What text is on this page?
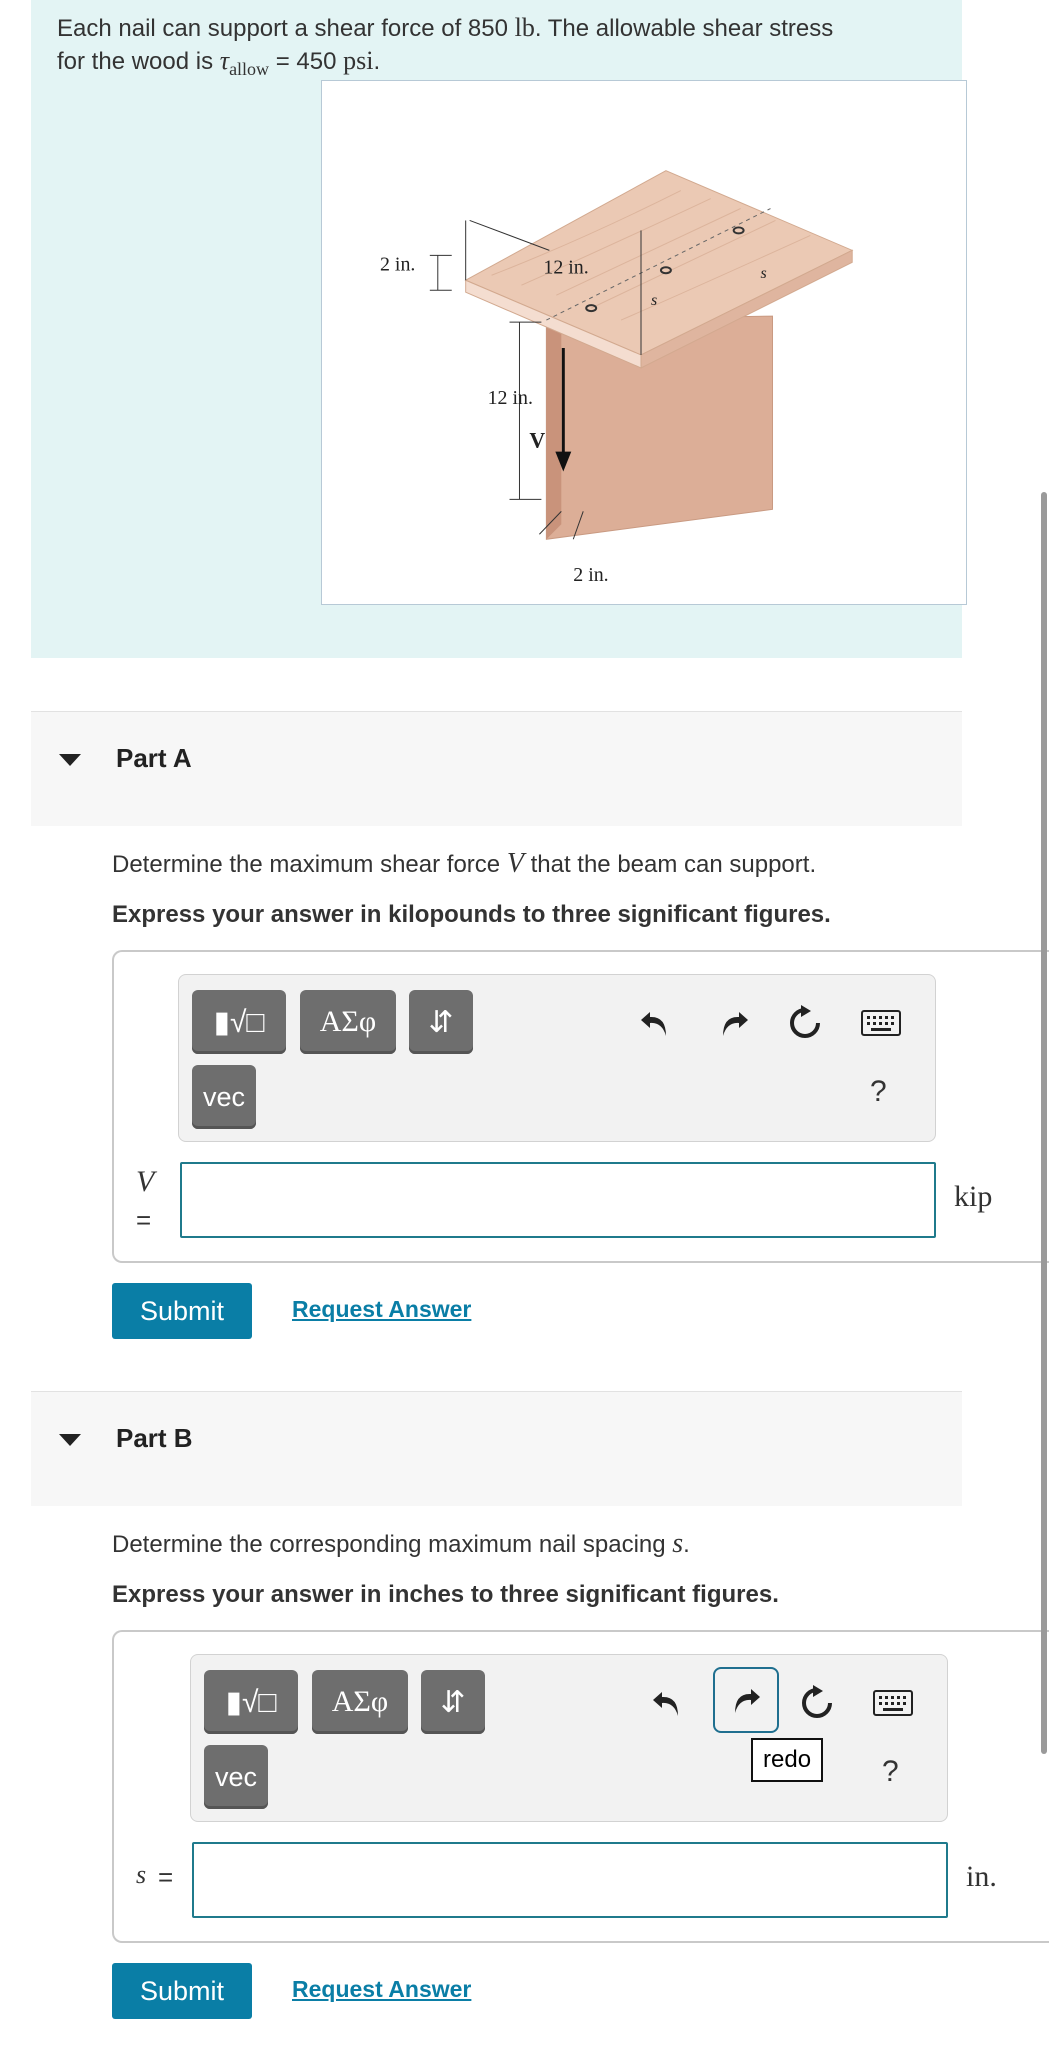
Each nail can support a shear force of 850 lb. The allowable shear stress
for the wood is $\tau_{allow} = 450$ psi.
2 in.	12 in.
12 in.
V
2 in.
s
s
Part A
Determine the maximum shear force V that the beam can support.
Express your answer in kilopounds to three significant figures.
▮√□	ΑΣφ	⇵
vec	?
V
=
kip
Submit	Request Answer
Part B
Determine the corresponding maximum nail spacing s.
Express your answer in inches to three significant figures.
▮√□	ΑΣφ	⇵
vec
redo	?
s =	in.
Submit	Request Answer
